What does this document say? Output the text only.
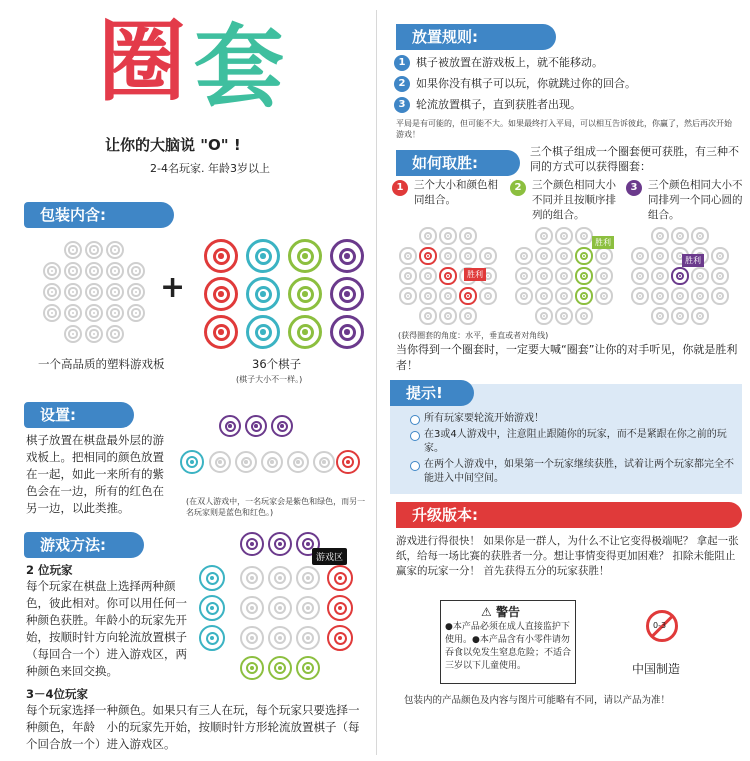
圈 套
让你的大脑说 "O" !
2-4名玩家. 年龄3岁以上
包装内含:
+
一个高品质的塑料游戏板	36个棋子
(棋子大小不一样。)
设置:
棋子放置在棋盘最外层的游戏板上。把相同的颜色放置在一起，如此一来所有的紫色会在一边，所有的红色在另一边，以此类推。	(在双人游戏中，一名玩家会是紫色和绿色，而另一名玩家则是蓝色和红色。)
游戏方法:
2 位玩家
每个玩家在棋盘上选择两种颜色，彼此相对。你可以用任何一种颜色获胜。年龄小的玩家先开始，按顺时针方向轮流放置棋子（每回合一个）进入游戏区，两种颜色来回交换。
游戏区
3－4位玩家
每个玩家选择一种颜色。如果只有三人在玩，每个玩家只要选择一种颜色，年龄　小的玩家先开始，按顺时针方形轮流放置棋子（每个回合放一个）进入游戏区。
放置规则:
1 棋子被放置在游戏板上，就不能移动。
2 如果你没有棋子可以玩，你就跳过你的回合。
3 轮流放置棋子，直到获胜者出现。
平局是有可能的，但可能不大。如果最终打入平局，可以相互告诉彼此，你赢了，然后再次开始游戏！
如何取胜:
三个棋子组成一个圈套便可获胜，有三种不同的方式可以获得圈套：
1	三个大小和颜色相同组合。
2	三个颜色相同大小不同并且按顺序排列的组合。
3	三个颜色相同大小不同排列一个同心圆的组合。
胜利
胜利
胜利
(获得圈套的角度：水平，垂直或者对角线)
当你得到一个圈套时，一定要大喊“圈套”让你的对手听见，你就是胜利者！
提示!
所有玩家要轮流开始游戏！
在3或4人游戏中，注意阻止跟随你的玩家，而不是紧跟在你之前的玩家。
在两个人游戏中，如果第一个玩家继续获胜，试着让两个玩家都完全不能进入中间空间。
升级版本:
游戏进行得很快！ 如果你是一群人，为什么不让它变得极端呢？ 拿起一张纸，给每一场比赛的获胜者一分。想让事情变得更加困难？ 扣除未能阻止赢家的玩家一分！ 首先获得五分的玩家获胜！
⚠ 警告
●本产品必须在成人直接监护下使用。●本产品含有小零件请勿吞食以免发生窒息危险；不适合三岁以下儿童使用。
0-3
中国制造
包装内的产品颜色及内容与图片可能略有不同，请以产品为准！
